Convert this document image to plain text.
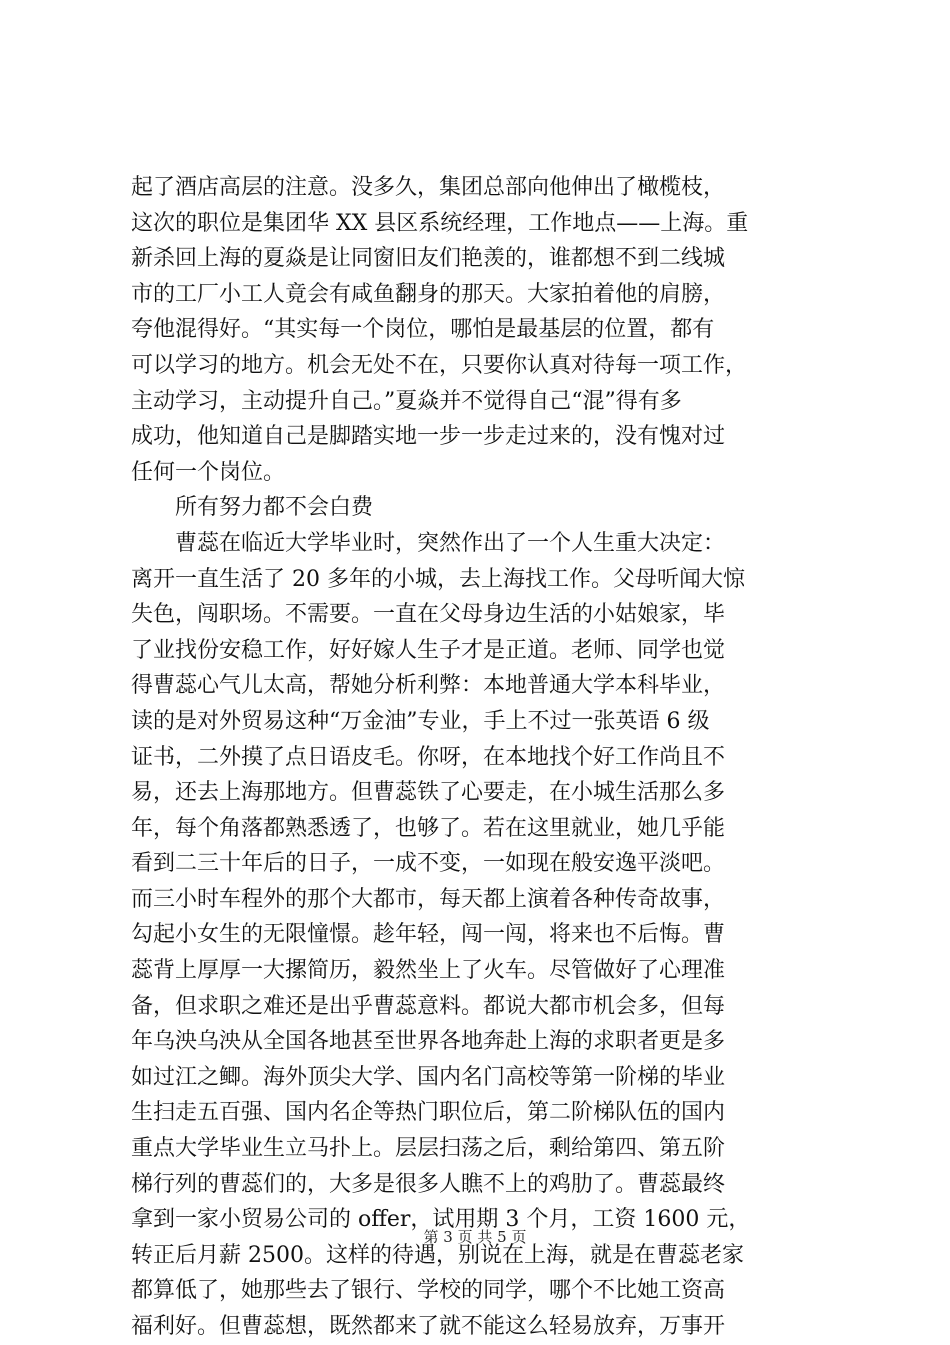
起了酒店高层的注意。没多久，集团总部向他伸出了橄榄枝，
这次的职位是集团华 XX 县区系统经理，工作地点——上海。重
新杀回上海的夏焱是让同窗旧友们艳羡的，谁都想不到二线城
市的工厂小工人竟会有咸鱼翻身的那天。大家拍着他的肩膀，
夸他混得好。“其实每一个岗位，哪怕是最基层的位置，都有
可以学习的地方。机会无处不在，只要你认真对待每一项工作，
主动学习，主动提升自己。”夏焱并不觉得自己“混”得有多
成功，他知道自己是脚踏实地一步一步走过来的，没有愧对过
任何一个岗位。
　　所有努力都不会白费
　　曹蕊在临近大学毕业时，突然作出了一个人生重大决定：
离开一直生活了 20 多年的小城，去上海找工作。父母听闻大惊
失色，闯职场。不需要。一直在父母身边生活的小姑娘家，毕
了业找份安稳工作，好好嫁人生子才是正道。老师、同学也觉
得曹蕊心气儿太高，帮她分析利弊：本地普通大学本科毕业，
读的是对外贸易这种“万金油”专业，手上不过一张英语 6 级
证书，二外摸了点日语皮毛。你呀，在本地找个好工作尚且不
易，还去上海那地方。但曹蕊铁了心要走，在小城生活那么多
年，每个角落都熟悉透了，也够了。若在这里就业，她几乎能
看到二三十年后的日子，一成不变，一如现在般安逸平淡吧。
而三小时车程外的那个大都市，每天都上演着各种传奇故事，
勾起小女生的无限憧憬。趁年轻，闯一闯，将来也不后悔。曹
蕊背上厚厚一大摞简历，毅然坐上了火车。尽管做好了心理准
备，但求职之难还是出乎曹蕊意料。都说大都市机会多，但每
年乌泱乌泱从全国各地甚至世界各地奔赴上海的求职者更是多
如过江之鲫。海外顶尖大学、国内名门高校等第一阶梯的毕业
生扫走五百强、国内名企等热门职位后，第二阶梯队伍的国内
重点大学毕业生立马扑上。层层扫荡之后，剩给第四、第五阶
梯行列的曹蕊们的，大多是很多人瞧不上的鸡肋了。曹蕊最终
拿到一家小贸易公司的 offer，试用期 3 个月，工资 1600 元，
转正后月薪 2500。这样的待遇，别说在上海，就是在曹蕊老家
都算低了，她那些去了银行、学校的同学，哪个不比她工资高
福利好。但曹蕊想，既然都来了就不能这么轻易放弃，万事开
第 3 页 共 5 页
